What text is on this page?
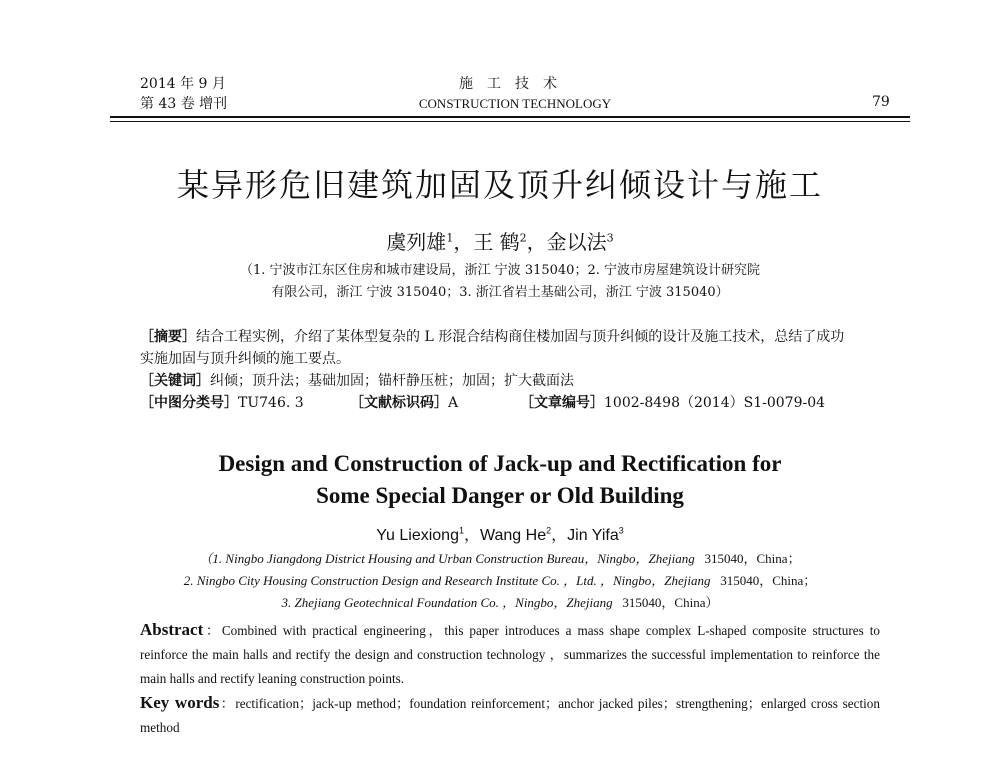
2014 年 9 月
第 43 卷 增刊
施工技术
CONSTRUCTION TECHNOLOGY	79
某异形危旧建筑加固及顶升纠倾设计与施工
虞列雄$^1$，王 鹤$^2$，金以法$^3$
（1. 宁波市江东区住房和城市建设局，浙江 宁波 315040；2. 宁波市房屋建筑设计研究院
有限公司，浙江 宁波 315040；3. 浙江省岩土基础公司，浙江 宁波 315040）
［摘要］结合工程实例，介绍了某体型复杂的 L 形混合结构商住楼加固与顶升纠倾的设计及施工技术，总结了成功
实施加固与顶升纠倾的施工要点。
［关键词］纠倾；顶升法；基础加固；锚杆静压桩；加固；扩大截面法
［中图分类号］TU746. 3	［文献标识码］A	［文章编号］1002-8498（2014）S1-0079-04
Design and Construction of Jack-up and Rectification for
Some Special Danger or Old Building
Yu Liexiong$^1$，Wang He$^2$，Jin Yifa$^3$
（1. Ningbo Jiangdong District Housing and Urban Construction Bureau，Ningbo，Zhejiang 315040，China；
2. Ningbo City Housing Construction Design and Research Institute Co. ，Ltd. ，Ningbo，Zhejiang 315040，China；
3. Zhejiang Geotechnical Foundation Co. ，Ningbo，Zhejiang 315040，China）
Abstract：Combined with practical engineering，this paper introduces a mass shape complex L-shaped composite structures to reinforce the main halls and rectify the design and construction technology ，summarizes the successful implementation to reinforce the main halls and rectify leaning construction points.
Key words：rectification；jack-up method；foundation reinforcement；anchor jacked piles；strengthening；enlarged cross section method
